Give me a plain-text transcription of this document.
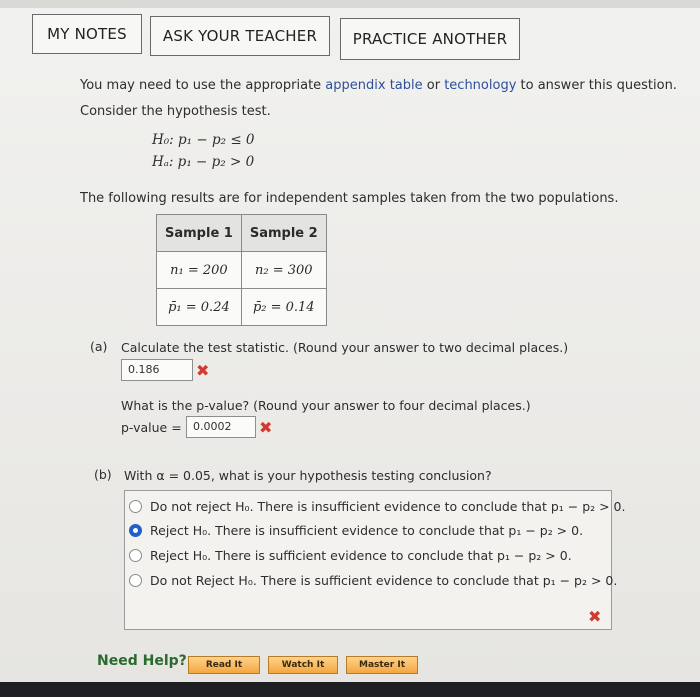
MY NOTES	ASK YOUR TEACHER	PRACTICE ANOTHER
You may need to use the appropriate appendix table or technology to answer this question.
Consider the hypothesis test.
H₀: p₁ − p₂ ≤ 0
Hₐ: p₁ − p₂ > 0
The following results are for independent samples taken from the two populations.
Sample 1	Sample 2
n₁ = 200	n₂ = 300
p̄₁ = 0.24	p̄₂ = 0.14
(a) Calculate the test statistic. (Round your answer to two decimal places.)
0.186	✖
What is the p-value? (Round your answer to four decimal places.)
p-value =	0.0002	✖
(b) With α = 0.05, what is your hypothesis testing conclusion?
Do not reject H₀. There is insufficient evidence to conclude that p₁ − p₂ > 0.
Reject H₀. There is insufficient evidence to conclude that p₁ − p₂ > 0.
Reject H₀. There is sufficient evidence to conclude that p₁ − p₂ > 0.
Do not Reject H₀. There is sufficient evidence to conclude that p₁ − p₂ > 0.
✖
Need Help?	Read It	Watch It	Master It
